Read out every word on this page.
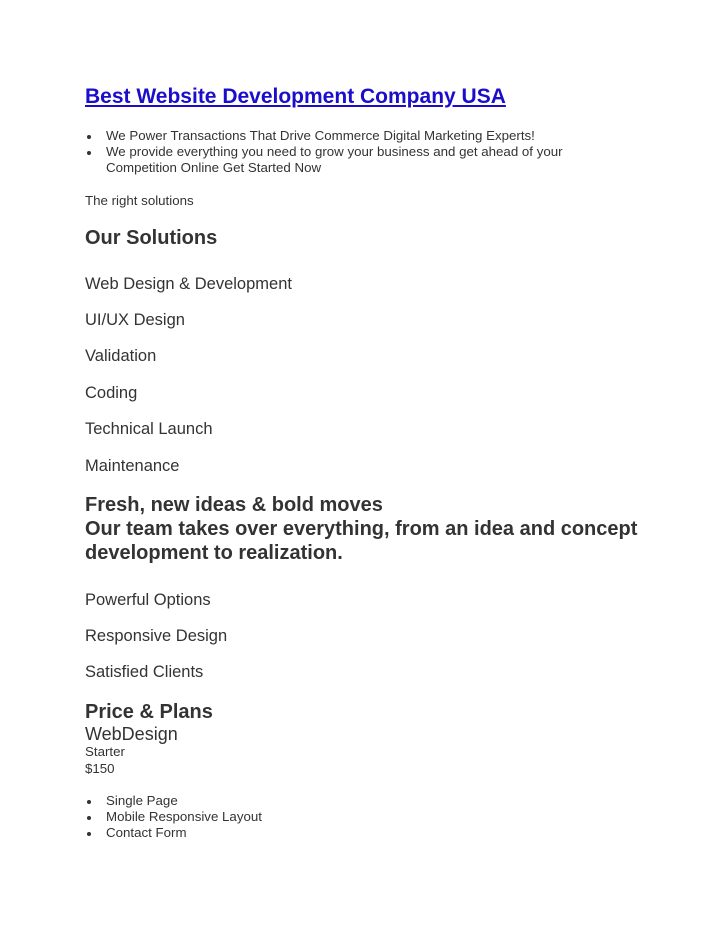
Best Website Development Company USA
We Power Transactions That Drive Commerce Digital Marketing Experts!
We provide everything you need to grow your business and get ahead of your Competition Online Get Started Now

The right solutions

Our Solutions

Web Design & Development

UI/UX Design

Validation

Coding

Technical Launch

Maintenance

Fresh, new ideas & bold moves
Our team takes over everything, from an idea and concept development to realization.

Powerful Options

Responsive Design

Satisfied Clients

Price & Plans

WebDesign

Starter

$150

Single Page
Mobile Responsive Layout
Contact Form
